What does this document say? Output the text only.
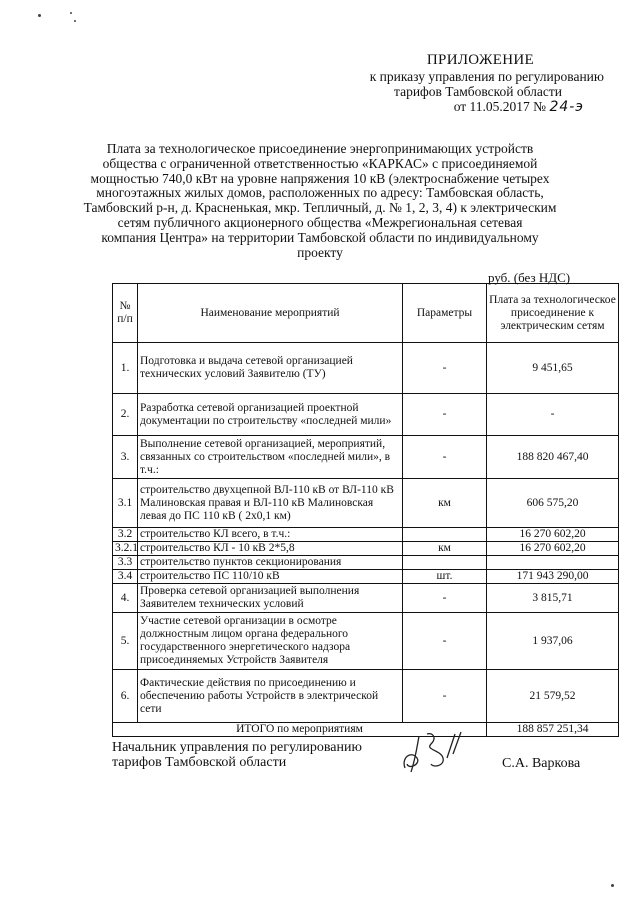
ПРИЛОЖЕНИЕ
к приказу управления по регулированию
тарифов Тамбовской области
от 11.05.2017 № 24-э
Плата за технологическое присоединение энергопринимающих устройств
общества с ограниченной ответственностью «КАРКАС» с присоединяемой
мощностью 740,0 кВт на уровне напряжения 10 кВ (электроснабжение четырех
многоэтажных жилых домов, расположенных по адресу: Тамбовская область,
Тамбовский р-н, д. Красненькая, мкр. Тепличный, д. № 1, 2, 3, 4) к электрическим
сетям публичного акционерного общества «Межрегиональная сетевая
компания Центра» на территории Тамбовской области по индивидуальному
проекту
руб. (без НДС)
№ п/п	Наименование мероприятий	Параметры	Плата за технологическое присоединение к электрическим сетям
1.	Подготовка и выдача сетевой организацией технических условий Заявителю (ТУ)	-	9 451,65
2.	Разработка сетевой организацией проектной документации по строительству «последней мили»	-	-
3.	Выполнение сетевой организацией, мероприятий, связанных со строительством «последней мили», в т.ч.:	-	188 820 467,40
3.1	строительство двухцепной ВЛ-110 кВ от ВЛ-110 кВ Малиновская правая и ВЛ-110 кВ Малиновская левая до ПС 110 кВ ( 2х0,1 км)	км	606 575,20
3.2	строительство КЛ всего, в т.ч.:		16 270 602,20
3.2.1	строительство КЛ - 10 кВ 2*5,8	км	16 270 602,20
3.3	строительство пунктов секционирования		
3.4	строительство ПС 110/10 кВ	шт.	171 943 290,00
4.	Проверка сетевой организацией выполнения Заявителем технических условий	-	3 815,71
5.	Участие сетевой организации в осмотре должностным лицом органа федерального государственного энергетического надзора присоединяемых Устройств Заявителя	-	1 937,06
6.	Фактические действия по присоединению и обеспечению работы Устройств в электрической сети	-	21 579,52
ИТОГО по мероприятиям			188 857 251,34
Начальник управления по регулированию
тарифов Тамбовской области	С.А. Варкова
